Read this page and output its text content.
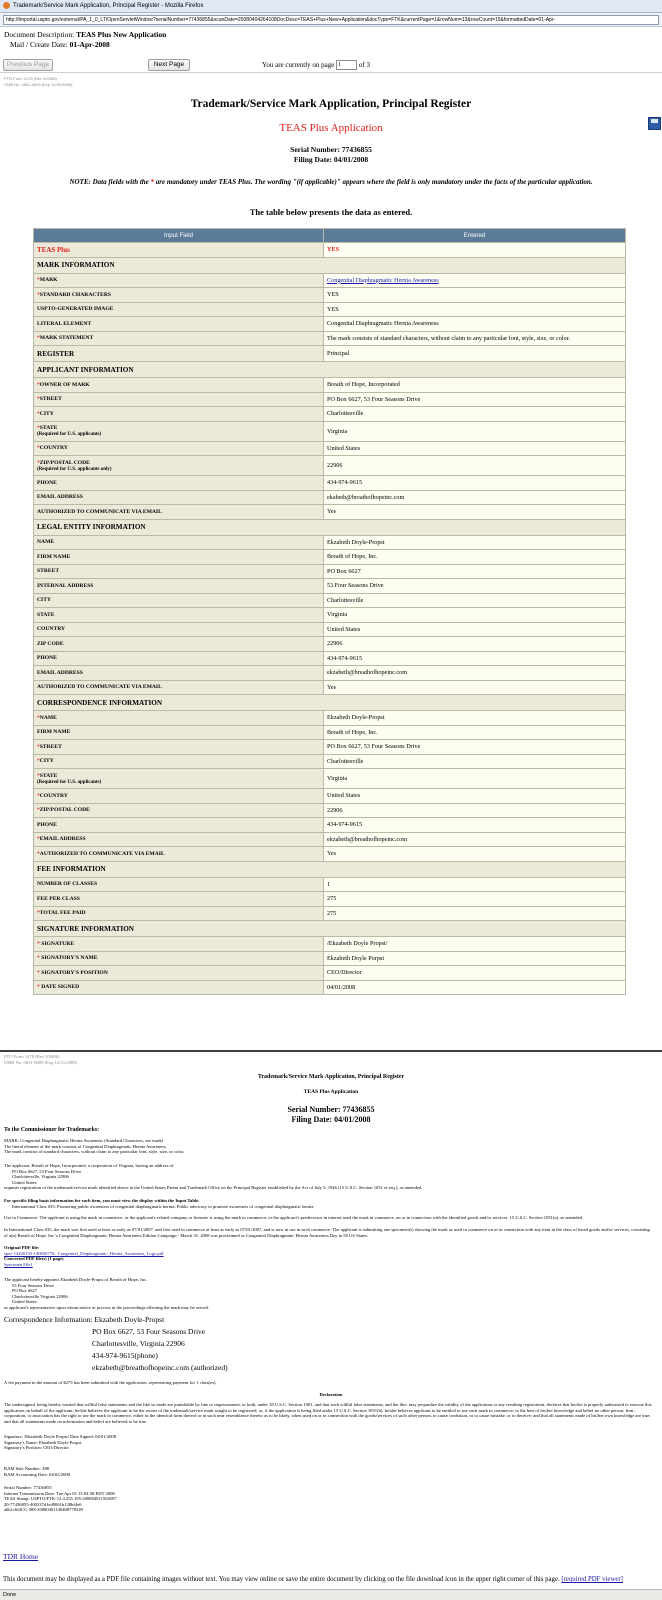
Trademark/Service Mark Application, Principal Register - Mozilla Firefox
http://tmportal.uspto.gov/external/PA_1_0_LT/OpenServletWindow?serialNumber=77436855&scanDate=20080404264108DocDesc=TEAS+Plus+New+Application&docType=FTK&currentPage=1&rowNum=13&rowCount=15&formattedDate=01-Apr-
Document Description: TEAS Plus New Application
Mail / Create Date: 01-Apr-2008
Previous Page	Next Page	You are currently on page 1	of 3
PTO Form 1478 (Rev 9/2006)
OMB No. 0651-0009 (Exp 12/31/2008)
Trademark/Service Mark Application, Principal Register
TEAS Plus Application
Serial Number: 77436855
Filing Date: 04/01/2008
NOTE: Data fields with the * are mandatory under TEAS Plus. The wording "(if applicable)" appears where the field is only mandatory under the facts of the particular application.
The table below presents the data as entered.
Input Field	Entered
TEAS Plus	YES
MARK INFORMATION	
*MARK	Congenital Diaphragmatic Hernia Awareness
*STANDARD CHARACTERS	YES
USPTO-GENERATED IMAGE	YES
LITERAL ELEMENT	Congenital Diaphragmatic Hernia Awareness
*MARK STATEMENT	The mark consists of standard characters, without claim to any particular font, style, size, or color.
REGISTER	Principal
APPLICANT INFORMATION	
*OWNER OF MARK	Breath of Hope, Incorporated
*STREET	PO Box 6627, 53 Four Seasons Drive
*CITY	Charlottesville
*STATE
(Required for U.S. applicants)	Virginia
*COUNTRY	United States
*ZIP/POSTAL CODE
(Required for U.S. applicants only)	22906
PHONE	434-974-9615
EMAIL ADDRESS	ekabeth@breathofhopeinc.com
AUTHORIZED TO COMMUNICATE VIA EMAIL	Yes
LEGAL ENTITY INFORMATION	
NAME	Ekzabeth Doyle-Propst
FIRM NAME	Breath of Hope, Inc.
STREET	PO Box 6627
INTERNAL ADDRESS	53 Four Seasons Drive
CITY	Charlottesville
STATE	Virginia
COUNTRY	United States
ZIP CODE	22906
PHONE	434-974-9615
EMAIL ADDRESS	ekzabeth@breathofhopeinc.com
AUTHORIZED TO COMMUNICATE VIA EMAIL	Yes
CORRESPONDENCE INFORMATION	
*NAME	Ekzabeth Doyle-Propst
FIRM NAME	Breath of Hope, Inc.
*STREET	PO Box 6627, 53 Four Seasons Drive
*CITY	Charlottesville
*STATE
(Required for U.S. applicants)	Virginia
*COUNTRY	United States
*ZIP/POSTAL CODE	22906
PHONE	434-974-9615
*EMAIL ADDRESS	ekzabeth@breathofhopeinc.com
*AUTHORIZED TO COMMUNICATE VIA EMAIL	Yes
FEE INFORMATION	
NUMBER OF CLASSES	1
FEE PER CLASS	275
*TOTAL FEE PAID	275
SIGNATURE INFORMATION	
* SIGNATURE	/Ekzabeth Doyle Propst/
* SIGNATORY'S NAME	Ekzabeth Doyle Porpst
* SIGNATORY'S POSITION	CEO/Director
* DATE SIGNED	04/01/2008
PTO Form 1478 (Rev 9/2006)
OMB No. 0651-0009 (Exp 12/31/2008)
Trademark/Service Mark Application, Principal Register
TEAS Plus Application
Serial Number: 77436855
Filing Date: 04/01/2008
To the Commissioner for Trademarks:
MARK: Congenital Diaphragmatic Hernia Awareness (Standard Characters, see mark)
The literal element of the mark consists of Congenital Diaphragmatic Hernia Awareness.
The mark consists of standard characters, without claim to any particular font, style, size, or color.
The applicant, Breath of Hope, Incorporated, a corporation of Virginia, having an address of
PO Box 6627, 53 Four Seasons Drive
Charlottesville, Virginia 22906
United States
requests registration of the trademark/service mark identified above in the United States Patent and Trademark Office on the Principal Register established by the Act of July 5, 1946 (15 U.S.C. Section 1051 et seq.), as amended.
For specific filing basis information for each item, you must view the display within the Input Table.
International Class 035: Promoting public awareness of congenital diaphragmatic hernia; Public advocacy to promote awareness of congenital diaphragmatic hernia
Use in Commerce: The applicant is using the mark in commerce, or the applicant's related company or licensee is using the mark in commerce, or the applicant's predecessor in interest used the mark in commerce, on or in connection with the identified goods and/or services. 15 U.S.C. Section 1051(a), as amended.
In International Class 035, the mark was first used at least as early as 07/01/2007, and first used in commerce at least as early as 07/01/2007, and is now in use in such commerce. The applicant is submitting one specimen(s) showing the mark as used in commerce on or in connection with any item in the class of listed goods and/or services, consisting of a(n) Breath of Hope, Inc.'s Congenital Diaphragmatic Hernia Awareness Edition Campaign - March 31, 2008 was proclaimed as Congenital Diaphragmatic Hernia Awareness Day in 50 US States.
Original PDF file:
spec-12420193-140830776 . Congenital_Diaphragmatic_Hernia_Awareness_Logo.pdf
Converted PDF file(s) (1 page)
Specimen File1
The applicant hereby appoints Ekzabeth Doyle-Propst of Breath of Hope, Inc.
53 Four Seasons Drive
PO Box 6627
Charlottesville Virginia 22906
United States
as applicant's representative upon whom notice or process in the proceedings affecting the mark may be served.
Correspondence Information: Ekzabeth Doyle-Propst
PO Box 6627, 53 Four Seasons Drive
Charlottesville, Virginia 22906
434-974-9615(phone)
ekzabeth@breathofhopeinc.com (authorized)
A fee payment in the amount of $275 has been submitted with the application, representing payment for 1 class(es).
Declaration
The undersigned, being hereby warned that willful false statements and the like so made are punishable by fine or imprisonment, or both, under 18 U.S.C. Section 1001, and that such willful false statements, and the like, may jeopardize the validity of the application or any resulting registration, declares that he/she is properly authorized to execute this application on behalf of the applicant; he/she believes the applicant to be the owner of the trademark/service mark sought to be registered, or, if the application is being filed under 15 U.S.C. Section 1051(b), he/she believes applicant to be entitled to use such mark in commerce; to the best of his/her knowledge and belief no other person, firm, corporation, or association has the right to use the mark in commerce, either in the identical form thereof or in such near resemblance thereto as to be likely, when used on or in connection with the goods/services of such other person, to cause confusion, or to cause mistake, or to deceive; and that all statements made of his/her own knowledge are true; and that all statements made on information and belief are believed to be true.
Signature: /Ekzabeth Doyle Propst/ Date Signed: 04/01/2008
Signatory's Name: Ekzabeth Doyle Porpst
Signatory's Position: CEO/Director
RAM Sale Number: 388
RAM Accounting Date: 04/02/2008
Serial Number: 77436855
Internet Transmission Date: Tue Apr 01 15:04:58 EDT 2008
TEAS Stamp: USPTO/FTK-12.4.255.195-200804011504587
20-77436855-400337d1ed9061b128bf4e6
a6b1c6f4CC-388-20080401140408778349
TDR Home
This document may be displayed as a PDF file containing images without text. You may view online or save the entire document by clicking on the file download icon in the upper right corner of this page. [required PDF viewer]
Done
